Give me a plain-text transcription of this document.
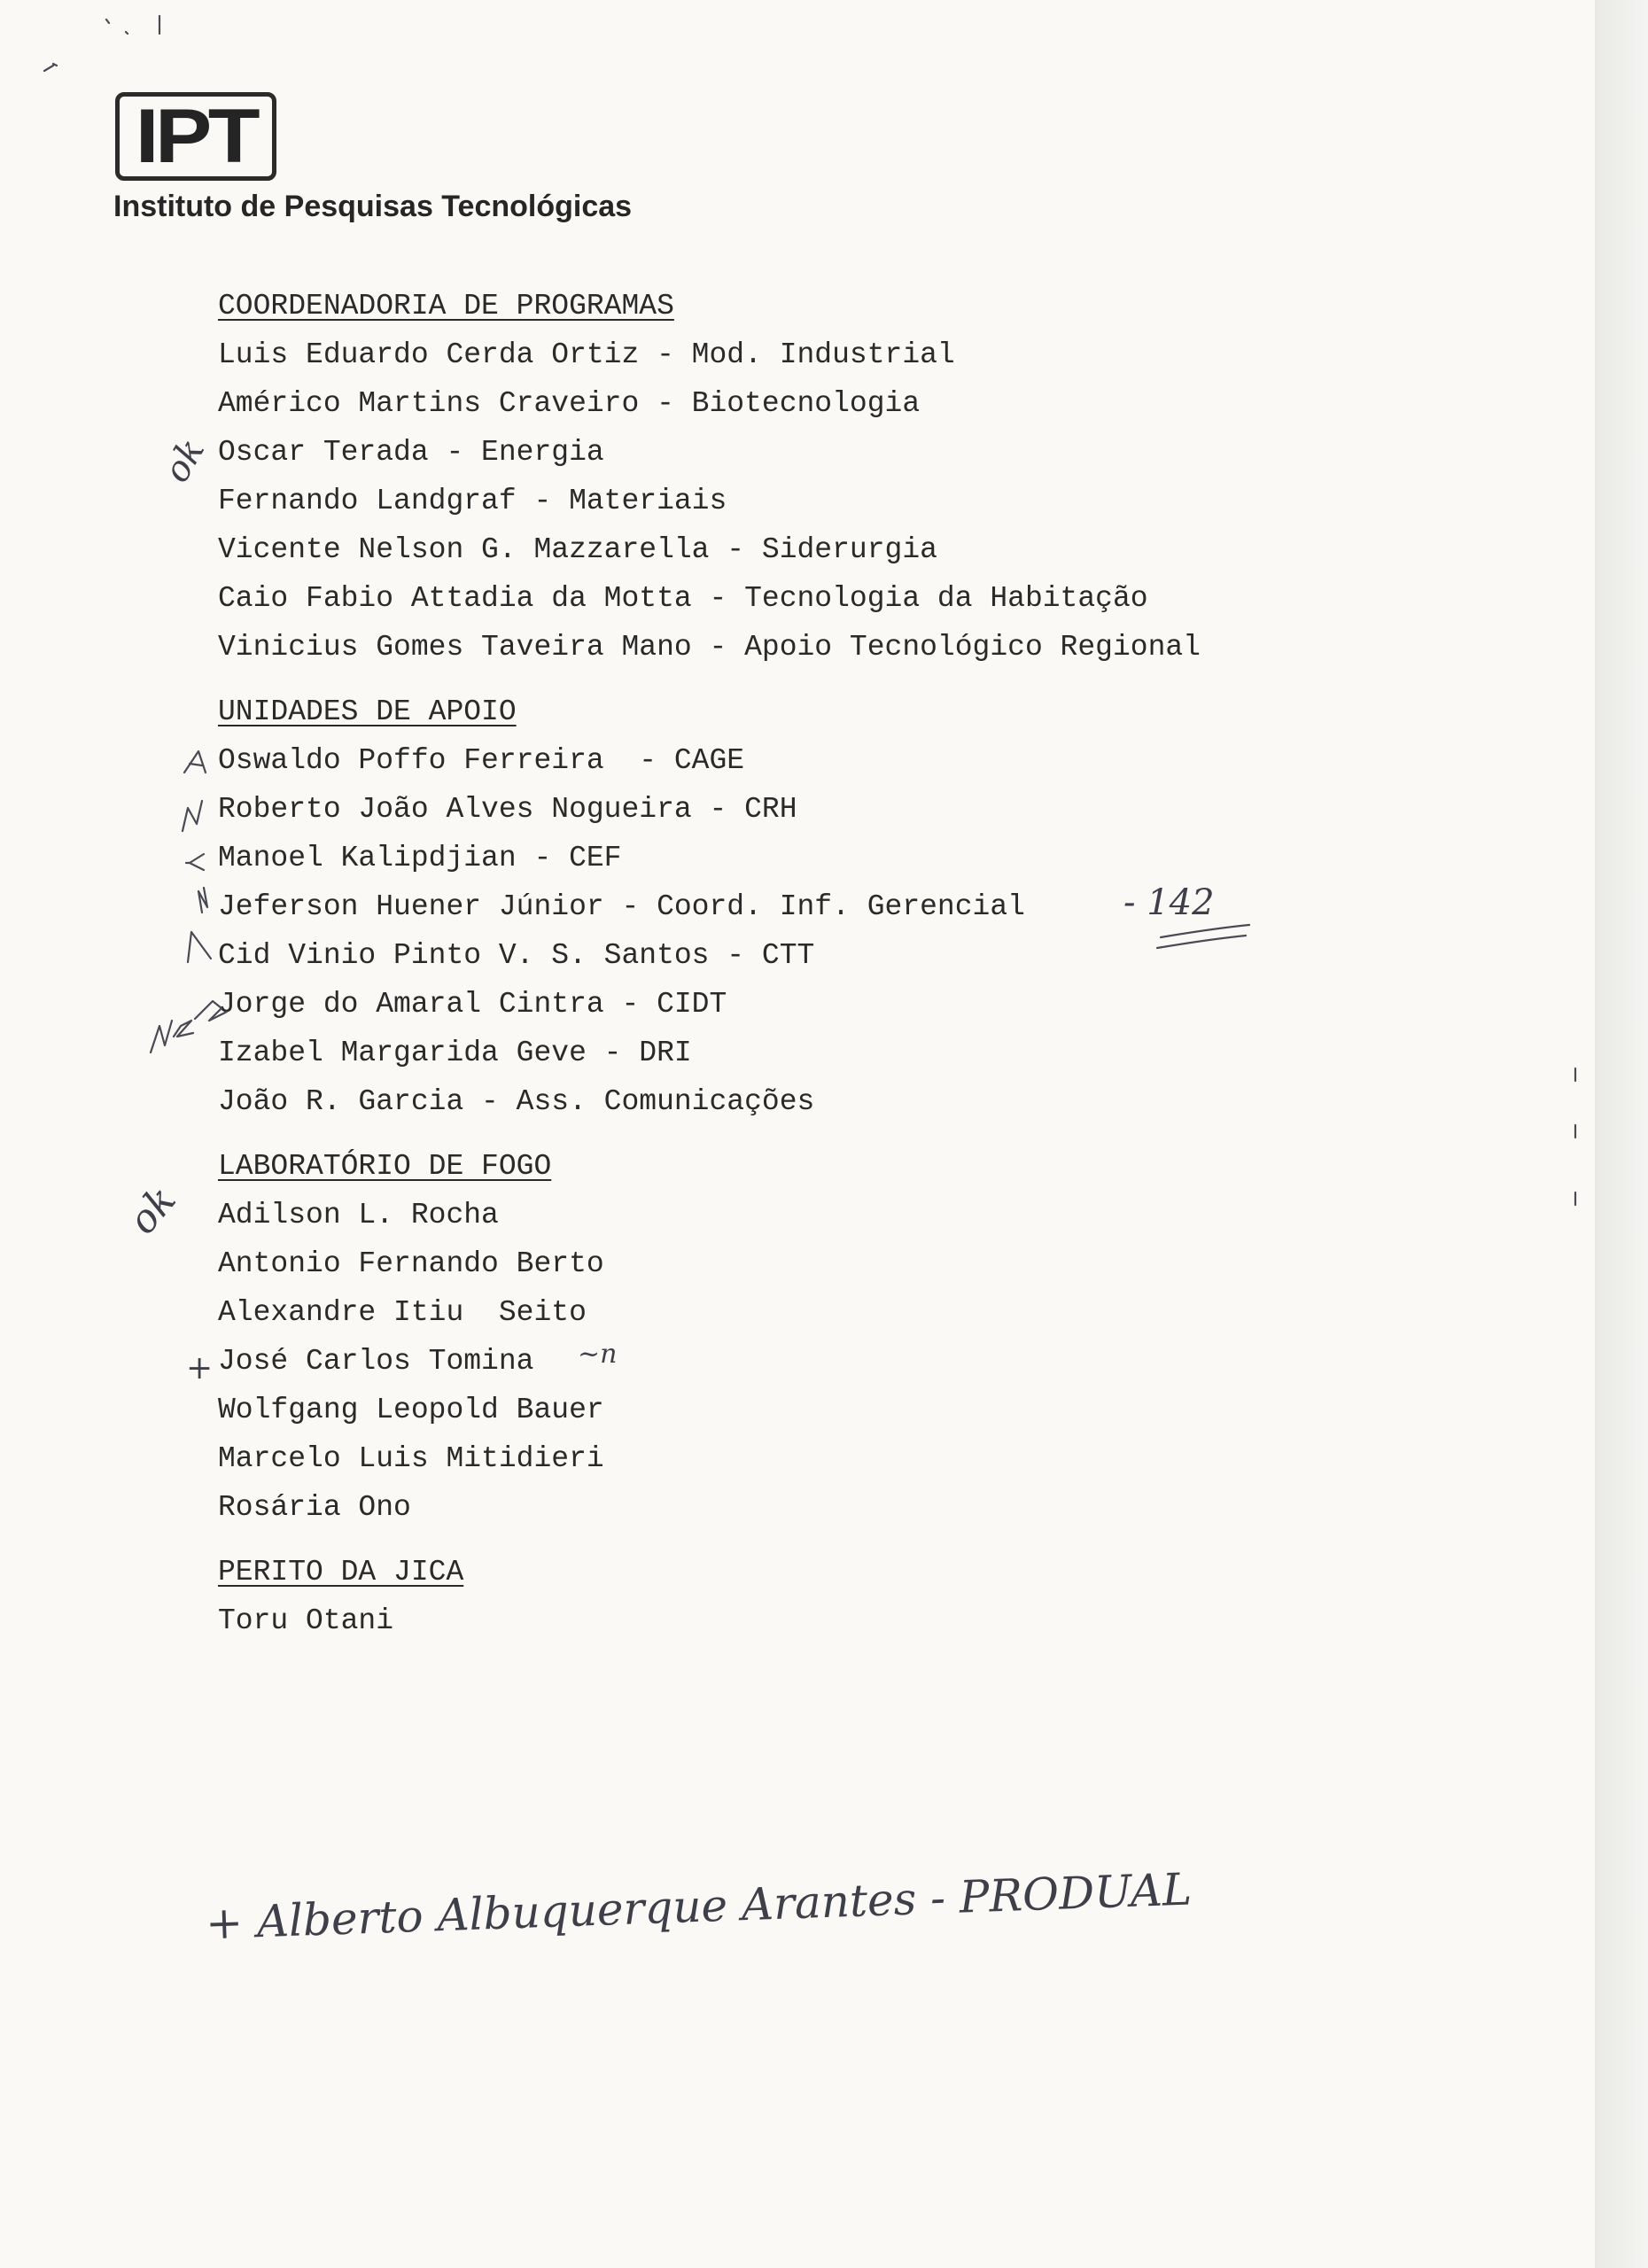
IPT
Instituto de Pesquisas Tecnológicas
COORDENADORIA DE PROGRAMAS
Luis Eduardo Cerda Ortiz - Mod. Industrial
Américo Martins Craveiro - Biotecnologia
Oscar Terada - Energia
Fernando Landgraf - Materiais
Vicente Nelson G. Mazzarella - Siderurgia
Caio Fabio Attadia da Motta - Tecnologia da Habitação
Vinicius Gomes Taveira Mano - Apoio Tecnológico Regional
UNIDADES DE APOIO
Oswaldo Poffo Ferreira  - CAGE
Roberto João Alves Nogueira - CRH
Manoel Kalipdjian - CEF
Jeferson Huener Júnior - Coord. Inf. Gerencial
Cid Vinio Pinto V. S. Santos - CTT
Jorge do Amaral Cintra - CIDT
Izabel Margarida Geve - DRI
João R. Garcia - Ass. Comunicações
LABORATÓRIO DE FOGO
Adilson L. Rocha
Antonio Fernando Berto
Alexandre Itiu  Seito
José Carlos Tomina
Wolfgang Leopold Bauer
Marcelo Luis Mitidieri
Rosária Ono
PERITO DA JICA
Toru Otani
ok
- 142
ok
+	~n
+ Alberto Albuquerque Arantes - PRODUAL
